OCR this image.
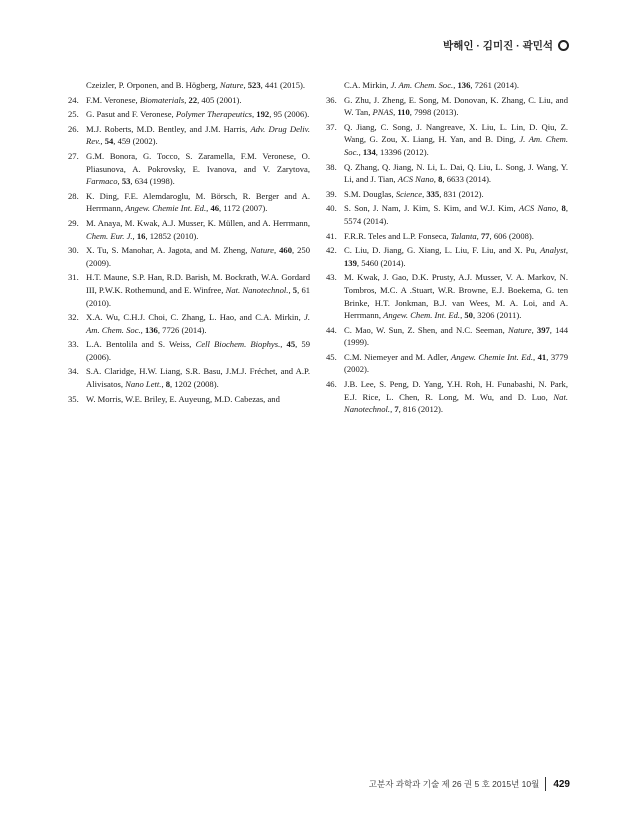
박해인 · 김미진 · 곽민석
Czeizler, P. Orponen, and B. Högberg, Nature, 523, 441 (2015).
24. F.M. Veronese, Biomaterials, 22, 405 (2001).
25. G. Pasut and F. Veronese, Polymer Therapeutics, 192, 95 (2006).
26. M.J. Roberts, M.D. Bentley, and J.M. Harris, Adv. Drug Deliv. Rev., 54, 459 (2002).
27. G.M. Bonora, G. Tocco, S. Zaramella, F.M. Veronese, O. Pliasunova, A. Pokrovsky, E. Ivanova, and V. Zarytova, Farmaco, 53, 634 (1998).
28. K. Ding, F.E. Alemdaroglu, M. Börsch, R. Berger and A. Herrmann, Angew. Chemie Int. Ed., 46, 1172 (2007).
29. M. Anaya, M. Kwak, A.J. Musser, K. Müllen, and A. Herrmann, Chem. Eur. J., 16, 12852 (2010).
30. X. Tu, S. Manohar, A. Jagota, and M. Zheng, Nature, 460, 250 (2009).
31. H.T. Maune, S.P. Han, R.D. Barish, M. Bockrath, W.A. Gordard III, P.W.K. Rothemund, and E. Winfree, Nat. Nanotechnol., 5, 61 (2010).
32. X.A. Wu, C.H.J. Choi, C. Zhang, L. Hao, and C.A. Mirkin, J. Am. Chem. Soc., 136, 7726 (2014).
33. L.A. Bentolila and S. Weiss, Cell Biochem. Biophys., 45, 59 (2006).
34. S.A. Claridge, H.W. Liang, S.R. Basu, J.M.J. Fréchet, and A.P. Alivisatos, Nano Lett., 8, 1202 (2008).
35. W. Morris, W.E. Briley, E. Auyeung, M.D. Cabezas, and
C.A. Mirkin, J. Am. Chem. Soc., 136, 7261 (2014).
36. G. Zhu, J. Zheng, E. Song, M. Donovan, K. Zhang, C. Liu, and W. Tan, PNAS, 110, 7998 (2013).
37. Q. Jiang, C. Song, J. Nangreave, X. Liu, L. Lin, D. Qiu, Z. Wang, G. Zou, X. Liang, H. Yan, and B. Ding, J. Am. Chem. Soc., 134, 13396 (2012).
38. Q. Zhang, Q. Jiang, N. Li, L. Dai, Q. Liu, L. Song, J. Wang, Y. Li, and J. Tian, ACS Nano, 8, 6633 (2014).
39. S.M. Douglas, Science, 335, 831 (2012).
40. S. Son, J. Nam, J. Kim, S. Kim, and W.J. Kim, ACS Nano, 8, 5574 (2014).
41. F.R.R. Teles and L.P. Fonseca, Talanta, 77, 606 (2008).
42. C. Liu, D. Jiang, G. Xiang, L. Liu, F. Liu, and X. Pu, Analyst, 139, 5460 (2014).
43. M. Kwak, J. Gao, D.K. Prusty, A.J. Musser, V. A. Markov, N. Tombros, M.C. A .Stuart, W.R. Browne, E.J. Boekema, G. ten Brinke, H.T. Jonkman, B.J. van Wees, M. A. Loi, and A. Herrmann, Angew. Chem. Int. Ed., 50, 3206 (2011).
44. C. Mao, W. Sun, Z. Shen, and N.C. Seeman, Nature, 397, 144 (1999).
45. C.M. Niemeyer and M. Adler, Angew. Chemie Int. Ed., 41, 3779 (2002).
46. J.B. Lee, S. Peng, D. Yang, Y.H. Roh, H. Funabashi, N. Park, E.J. Rice, L. Chen, R. Long, M. Wu, and D. Luo, Nat. Nanotechnol., 7, 816 (2012).
고분자 과학과 기술 제 26 권 5 호 2015년 10월 429
